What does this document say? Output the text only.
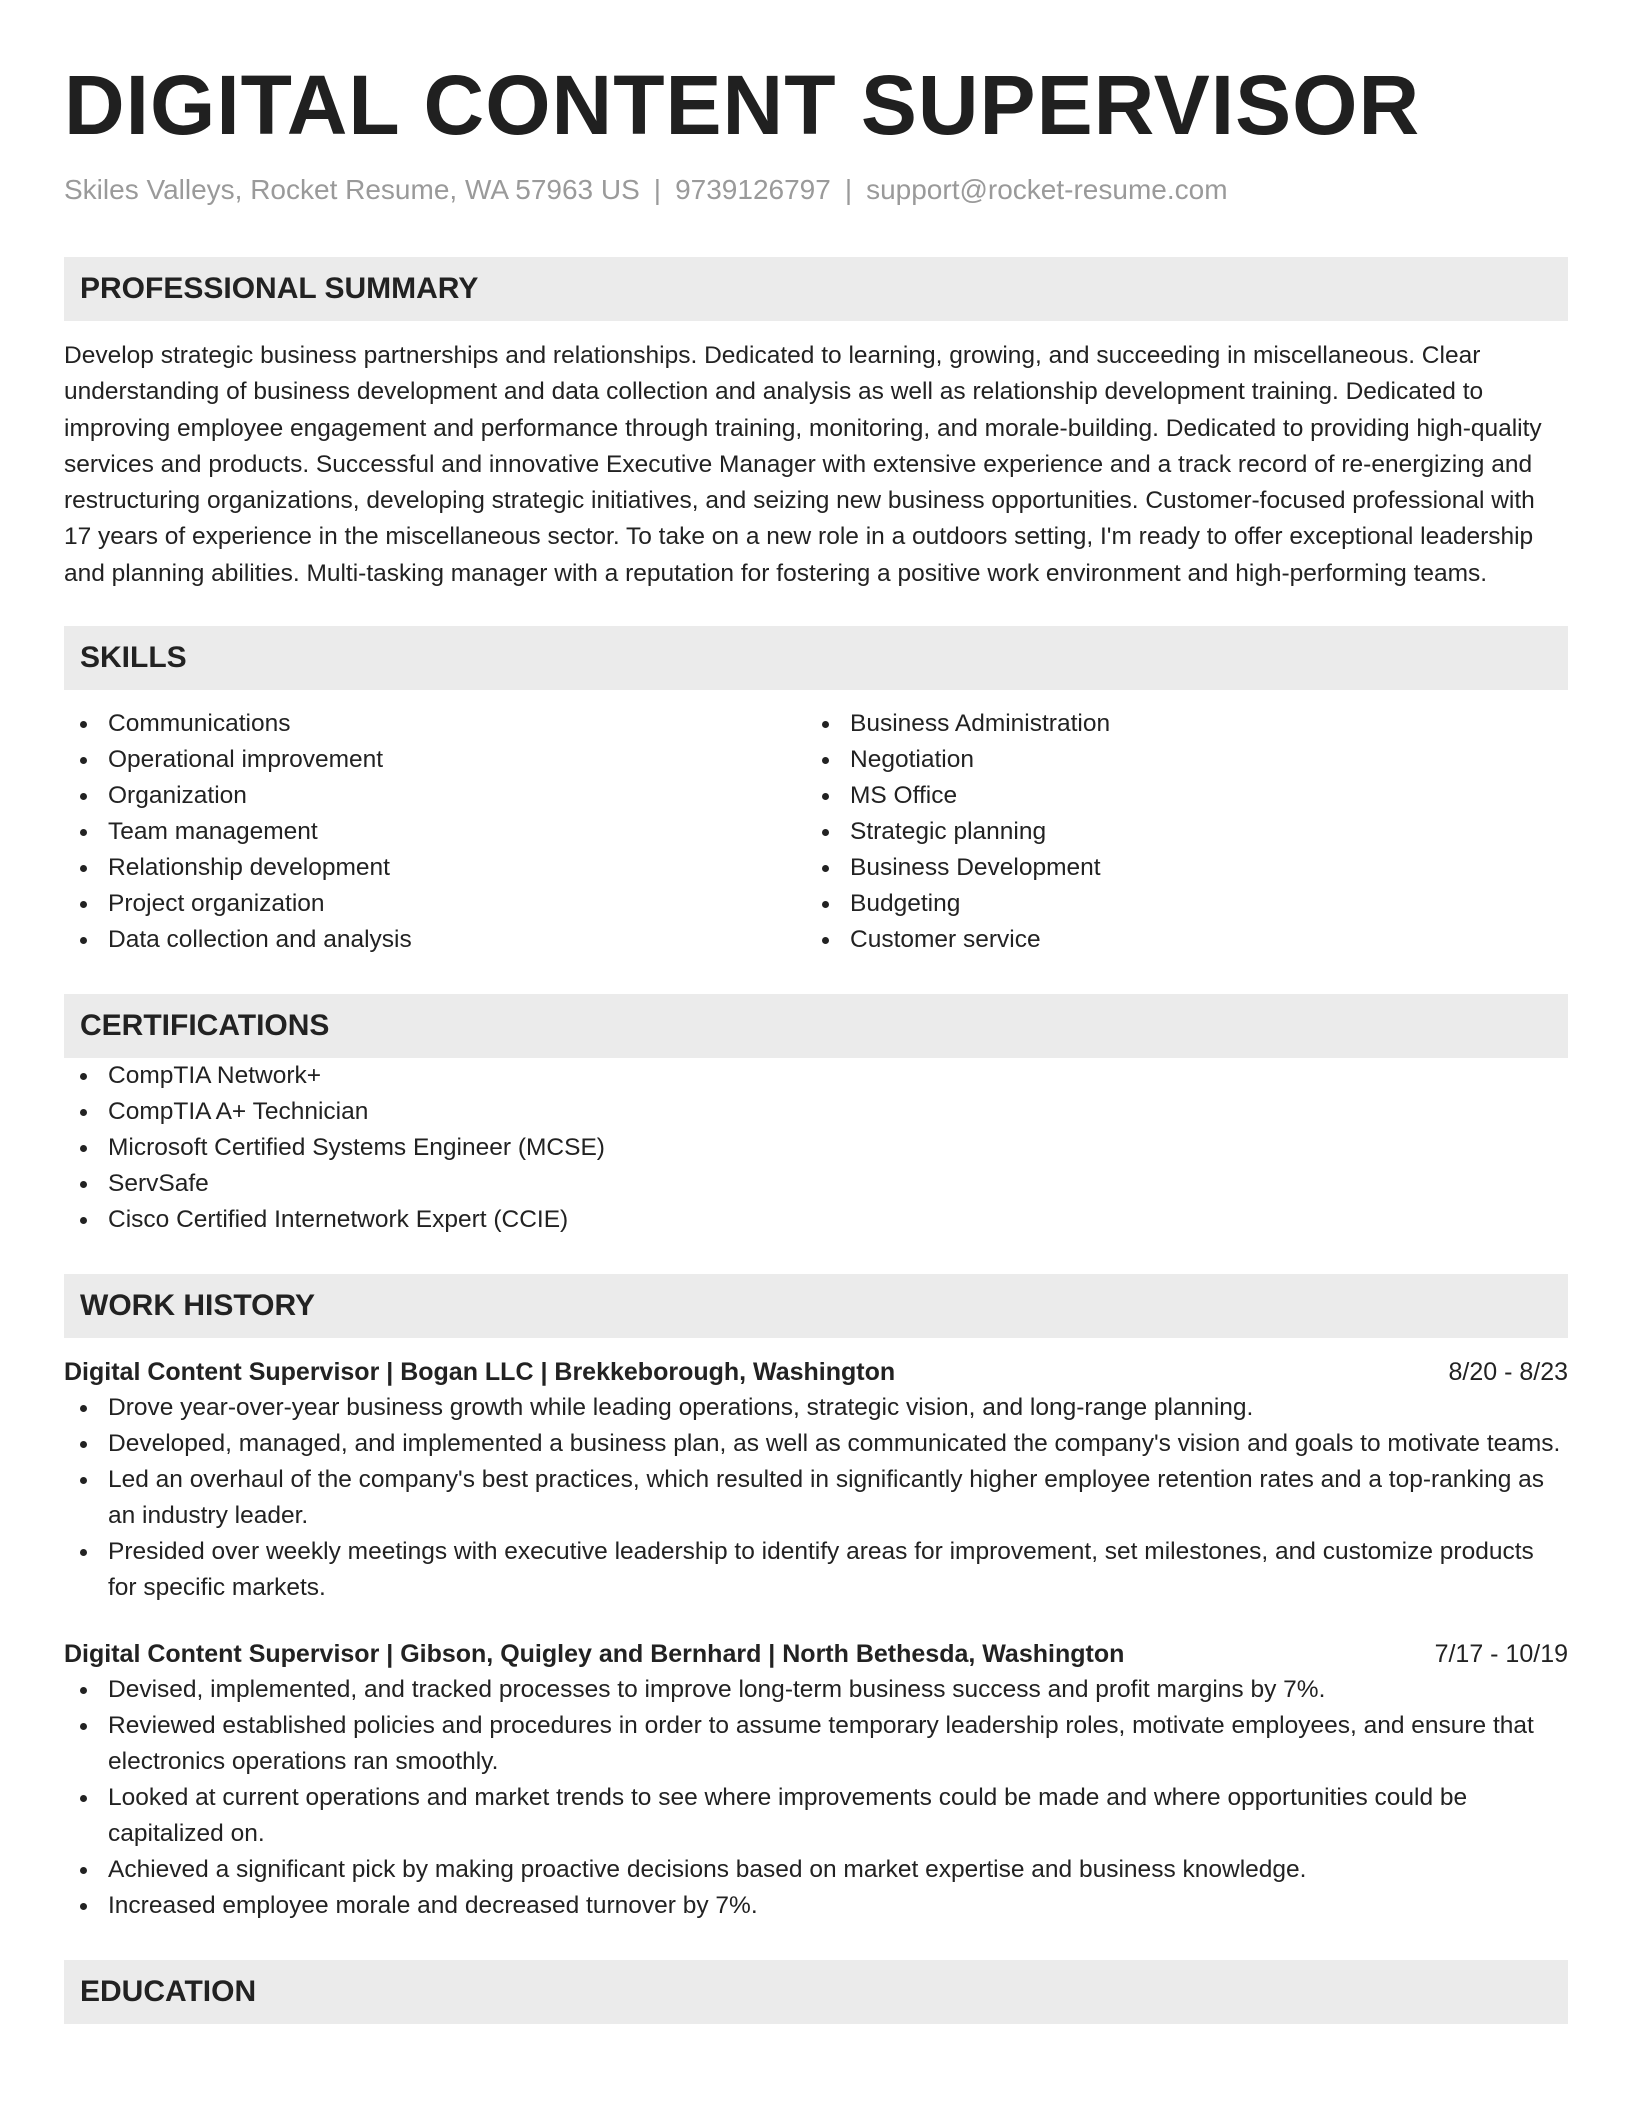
DIGITAL CONTENT SUPERVISOR
Skiles Valleys, Rocket Resume, WA 57963 US | 9739126797 | support@rocket-resume.com
PROFESSIONAL SUMMARY

Develop strategic business partnerships and relationships. Dedicated to learning, growing, and succeeding in miscellaneous. Clear understanding of business development and data collection and analysis as well as relationship development training. Dedicated to improving employee engagement and performance through training, monitoring, and morale-building. Dedicated to providing high-quality services and products. Successful and innovative Executive Manager with extensive experience and a track record of re-energizing and restructuring organizations, developing strategic initiatives, and seizing new business opportunities. Customer-focused professional with 17 years of experience in the miscellaneous sector. To take on a new role in a outdoors setting, I'm ready to offer exceptional leadership and planning abilities. Multi-tasking manager with a reputation for fostering a positive work environment and high-performing teams.

SKILLS
Communications
Operational improvement
Organization
Team management
Relationship development
Project organization
Data collection and analysis
Business Administration
Negotiation
MS Office
Strategic planning
Business Development
Budgeting
Customer service
CERTIFICATIONS
CompTIA Network+
CompTIA A+ Technician
Microsoft Certified Systems Engineer (MCSE)
ServSafe
Cisco Certified Internetwork Expert (CCIE)
WORK HISTORY
Digital Content Supervisor | Bogan LLC | Brekkeborough, Washington	8/20 - 8/23
Drove year-over-year business growth while leading operations, strategic vision, and long-range planning.
Developed, managed, and implemented a business plan, as well as communicated the company's vision and goals to motivate teams.
Led an overhaul of the company's best practices, which resulted in significantly higher employee retention rates and a top-ranking as an industry leader.
Presided over weekly meetings with executive leadership to identify areas for improvement, set milestones, and customize products for specific markets.
Digital Content Supervisor | Gibson, Quigley and Bernhard | North Bethesda, Washington	7/17 - 10/19
Devised, implemented, and tracked processes to improve long-term business success and profit margins by 7%.
Reviewed established policies and procedures in order to assume temporary leadership roles, motivate employees, and ensure that electronics operations ran smoothly.
Looked at current operations and market trends to see where improvements could be made and where opportunities could be capitalized on.
Achieved a significant pick by making proactive decisions based on market expertise and business knowledge.
Increased employee morale and decreased turnover by 7%.
EDUCATION
